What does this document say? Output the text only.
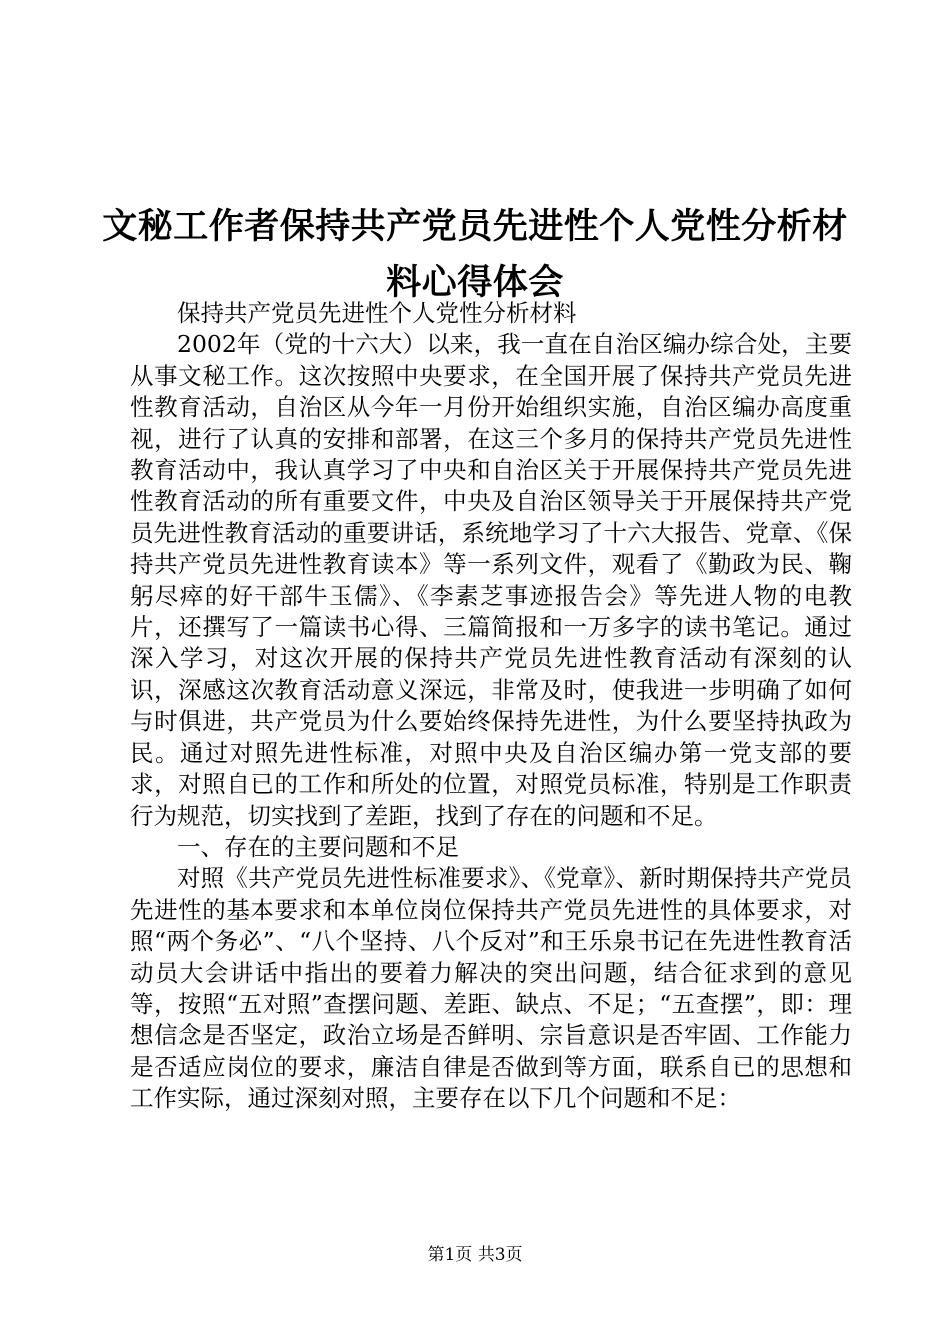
文秘工作者保持共产党员先进性个人党性分析材料心得体会

保持共产党员先进性个人党性分析材料

2002年（党的十六大）以来，我一直在自治区编办综合处，主要从事文秘工作。这次按照中央要求，在全国开展了保持共产党员先进性教育活动，自治区从今年一月份开始组织实施，自治区编办高度重视，进行了认真的安排和部署，在这三个多月的保持共产党员先进性教育活动中，我认真学习了中央和自治区关于开展保持共产党员先进性教育活动的所有重要文件，中央及自治区领导关于开展保持共产党员先进性教育活动的重要讲话，系统地学习了十六大报告、党章、《保持共产党员先进性教育读本》等一系列文件，观看了《勤政为民、鞠躬尽瘁的好干部牛玉儒》、《李素芝事迹报告会》等先进人物的电教片，还撰写了一篇读书心得、三篇简报和一万多字的读书笔记。通过深入学习，对这次开展的保持共产党员先进性教育活动有深刻的认识，深感这次教育活动意义深远，非常及时，使我进一步明确了如何与时俱进，共产党员为什么要始终保持先进性，为什么要坚持执政为民。通过对照先进性标准，对照中央及自治区编办第一党支部的要求，对照自已的工作和所处的位置，对照党员标准，特别是工作职责行为规范，切实找到了差距，找到了存在的问题和不足。

一、存在的主要问题和不足

对照《共产党员先进性标准要求》、《党章》、新时期保持共产党员先进性的基本要求和本单位岗位保持共产党员先进性的具体要求，对照“两个务必”、“八个坚持、八个反对”和王乐泉书记在先进性教育活动员大会讲话中指出的要着力解决的突出问题，结合征求到的意见等，按照“五对照”查摆问题、差距、缺点、不足；“五查摆”，即：理想信念是否坚定，政治立场是否鲜明、宗旨意识是否牢固、工作能力是否适应岗位的要求，廉洁自律是否做到等方面，联系自已的思想和工作实际，通过深刻对照，主要存在以下几个问题和不足：

第1页 共3页
